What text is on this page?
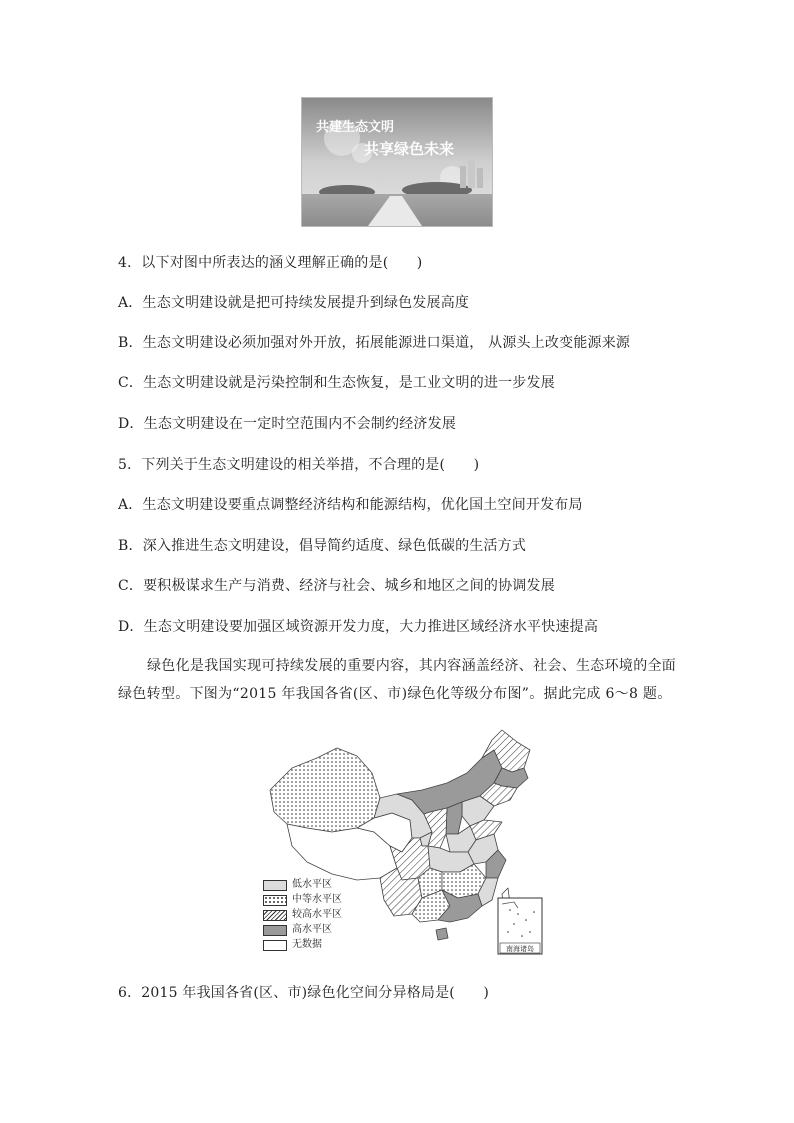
共建生态文明
共享绿色未来
4．以下对图中所表达的涵义理解正确的是(　　)
A．生态文明建设就是把可持续发展提升到绿色发展高度
B．生态文明建设必须加强对外开放，拓展能源进口渠道， 从源头上改变能源来源
C．生态文明建设就是污染控制和生态恢复，是工业文明的进一步发展
D．生态文明建设在一定时空范围内不会制约经济发展
5．下列关于生态文明建设的相关举措，不合理的是(　　)
A．生态文明建设要重点调整经济结构和能源结构，优化国土空间开发布局
B．深入推进生态文明建设，倡导简约适度、绿色低碳的生活方式
C．要积极谋求生产与消费、经济与社会、城乡和地区之间的协调发展
D．生态文明建设要加强区域资源开发力度，大力推进区域经济水平快速提高
绿色化是我国实现可持续发展的重要内容，其内容涵盖经济、社会、生态环境的全面绿色转型。下图为“2015 年我国各省(区、市)绿色化等级分布图”。据此完成 6～8 题。
南海诸岛
低水平区
中等水平区
较高水平区
高水平区
无数据
6．2015 年我国各省(区、市)绿色化空间分异格局是(　　)
